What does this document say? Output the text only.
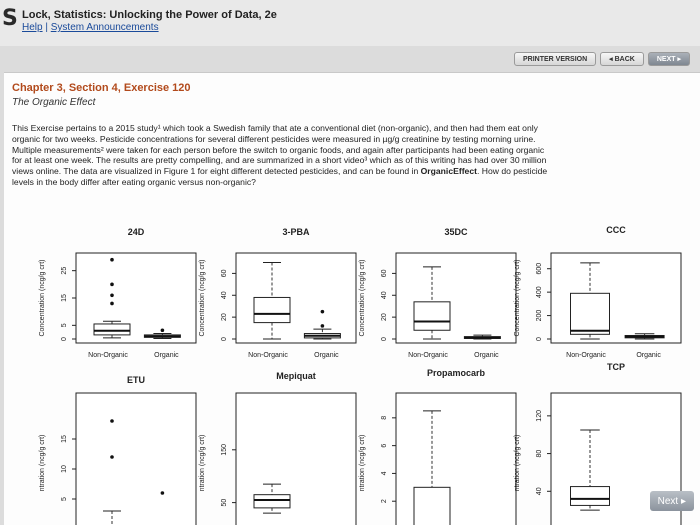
S Lock, Statistics: Unlocking the Power of Data, 2e
Help | System Announcements
PRINTER VERSION	◂ BACK	NEXT ▸
Chapter 3, Section 4, Exercise 120
The Organic Effect
This Exercise pertains to a 2015 study¹ which took a Swedish family that ate a conventional diet (non-organic), and then had them eat only
organic for two weeks. Pesticide concentrations for several different pesticides were measured in µg/g creatinine by testing morning urine.
Multiple measurements² were taken for each person before the switch to organic foods, and again after participants had been eating organic
for at least one week. The results are pretty compelling, and are summarized in a short video³ which as of this writing has had over 30 million
views online. The data are visualized in Figure 1 for eight different detected pesticides, and can be found in OrganicEffect. How do pesticide
levels in the body differ after eating organic versus non-organic?
24D
Concentration (ncg/g crt)
0
5
15
25
Non-Organic	Organic
3-PBA
Concentration (ncg/g crt)
0
20
40
60
Non-Organic	Organic
35DC
Concentration (ncg/g crt)
0
20
40
60
Non-Organic	Organic
CCC
Concentration (ncg/g crt)
0
200
400
600
Non-Organic	Organic
ETU
ntration (ncg/g crt)
5
10
15
Mepiquat
ntration (ncg/g crt)
50
150
Propamocarb
ntration (ncg/g crt)
2
4
6
8
TCP
ntration (ncg/g crt) 40
80
120
Next ▸
